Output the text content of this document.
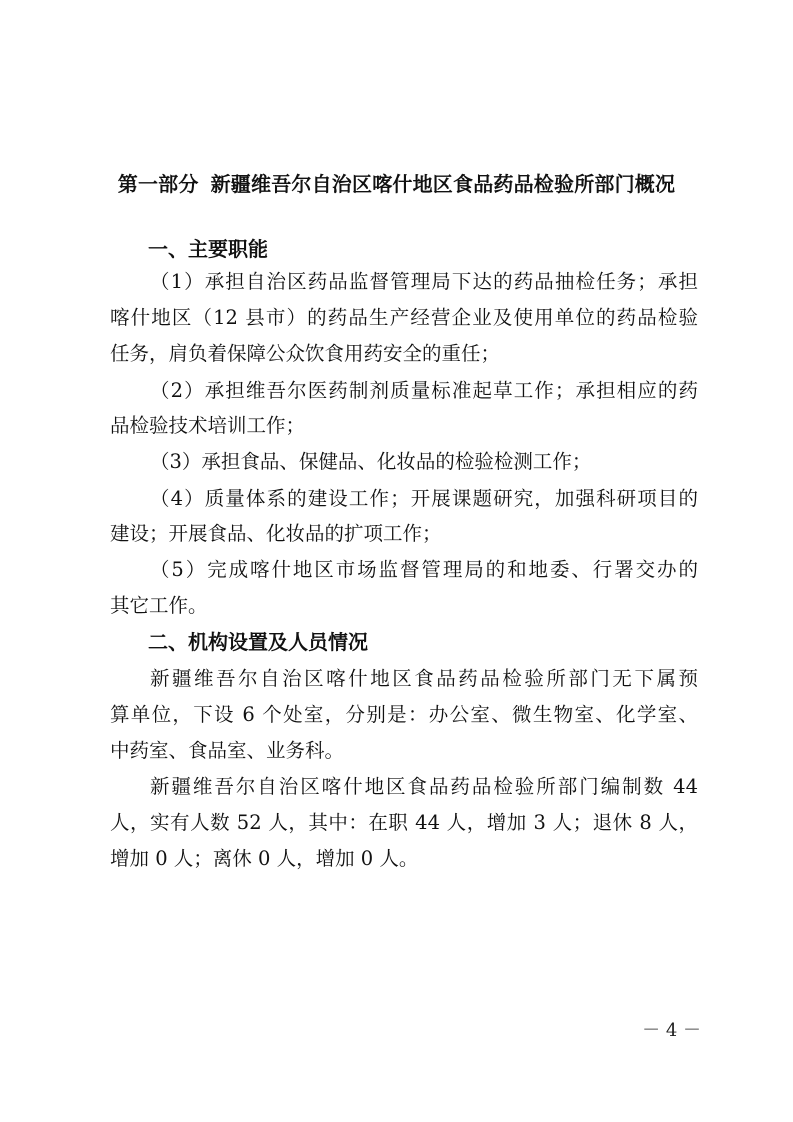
第一部分 新疆维吾尔自治区喀什地区食品药品检验所部门概况
一、主要职能
（1）承担自治区药品监督管理局下达的药品抽检任务；承担
喀什地区（12 县市）的药品生产经营企业及使用单位的药品检验
任务，肩负着保障公众饮食用药安全的重任；
（2）承担维吾尔医药制剂质量标准起草工作；承担相应的药
品检验技术培训工作；
（3）承担食品、保健品、化妆品的检验检测工作；
（4）质量体系的建设工作；开展课题研究，加强科研项目的
建设；开展食品、化妆品的扩项工作；
（5）完成喀什地区市场监督管理局的和地委、行署交办的
其它工作。
二、机构设置及人员情况
新疆维吾尔自治区喀什地区食品药品检验所部门无下属预
算单位，下设 6 个处室，分别是：办公室、微生物室、化学室、
中药室、食品室、业务科。
新疆维吾尔自治区喀什地区食品药品检验所部门编制数 44
人，实有人数 52 人，其中：在职 44 人，增加 3 人；退休 8 人，
增加 0 人；离休 0 人，增加 0 人。
－ 4 －
